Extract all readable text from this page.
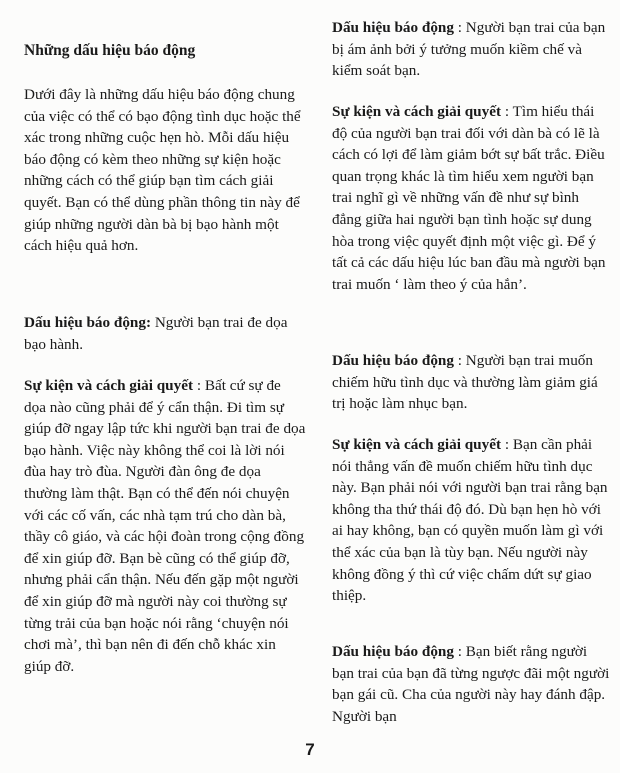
Những dấu hiệu báo động

Dưới đây là những dấu hiệu báo động chung của việc có thể có bạo động tình dục hoặc thể xác trong những cuộc hẹn hò. Mỗi dấu hiệu báo động có kèm theo những sự kiện hoặc những cách có thể giúp bạn tìm cách giải quyết. Bạn có thể dùng phần thông tin này để giúp những người dàn bà bị bạo hành một cách hiệu quả hơn.

Dấu hiệu báo động: Người bạn trai đe dọa bạo hành.

Sự kiện và cách giải quyết : Bất cứ sự đe dọa nào cũng phải để ý cẩn thận. Đi tìm sự giúp đỡ ngay lập tức khi người bạn trai đe dọa bạo hành. Việc này không thể coi là lời nói đùa hay trò đùa. Người đàn ông đe dọa thường làm thật. Bạn có thể đến nói chuyện với các cố vấn, các nhà tạm trú cho dàn bà, thầy cô giáo, và các hội đoàn trong cộng đồng để xin giúp đỡ. Bạn bè cũng có thể giúp đỡ, nhưng phải cẩn thận. Nếu đến gặp một người để xin giúp đỡ mà người này coi thường sự từng trải của bạn hoặc nói rằng ‘chuyện nói chơi mà’, thì bạn nên đi đến chỗ khác xin giúp đỡ.

Dấu hiệu báo động : Người bạn trai của bạn bị ám ảnh bởi ý tưởng muốn kiềm chế và kiểm soát bạn.

Sự kiện và cách giải quyết : Tìm hiểu thái độ của người bạn trai đối với dàn bà có lẽ là cách có lợi để làm giảm bớt sự bất trắc. Điều quan trọng khác là tìm hiểu xem người bạn trai nghĩ gì về những vấn đề như sự bình đẳng giữa hai người bạn tình hoặc sự dung hòa trong việc quyết định một việc gì. Để ý tất cả các dấu hiệu lúc ban đầu mà người bạn trai muốn ‘ làm theo ý của hắn’.

Dấu hiệu báo động : Người bạn trai muốn chiếm hữu tình dục và thường làm giảm giá trị hoặc làm nhục bạn.

Sự kiện và cách giải quyết : Bạn cần phải nói thẳng vấn đề muốn chiếm hữu tình dục này. Bạn phải nói với người bạn trai rằng bạn không tha thứ thái độ đó. Dù bạn hẹn hò với ai hay không, bạn có quyền muốn làm gì với thể xác của bạn là tùy bạn. Nếu người này không đồng ý thì cứ việc chấm dứt sự giao thiệp.

Dấu hiệu báo động : Bạn biết rằng người bạn trai của bạn đã từng ngược đãi một người bạn gái cũ. Cha của người này hay đánh đập. Người bạn

7
